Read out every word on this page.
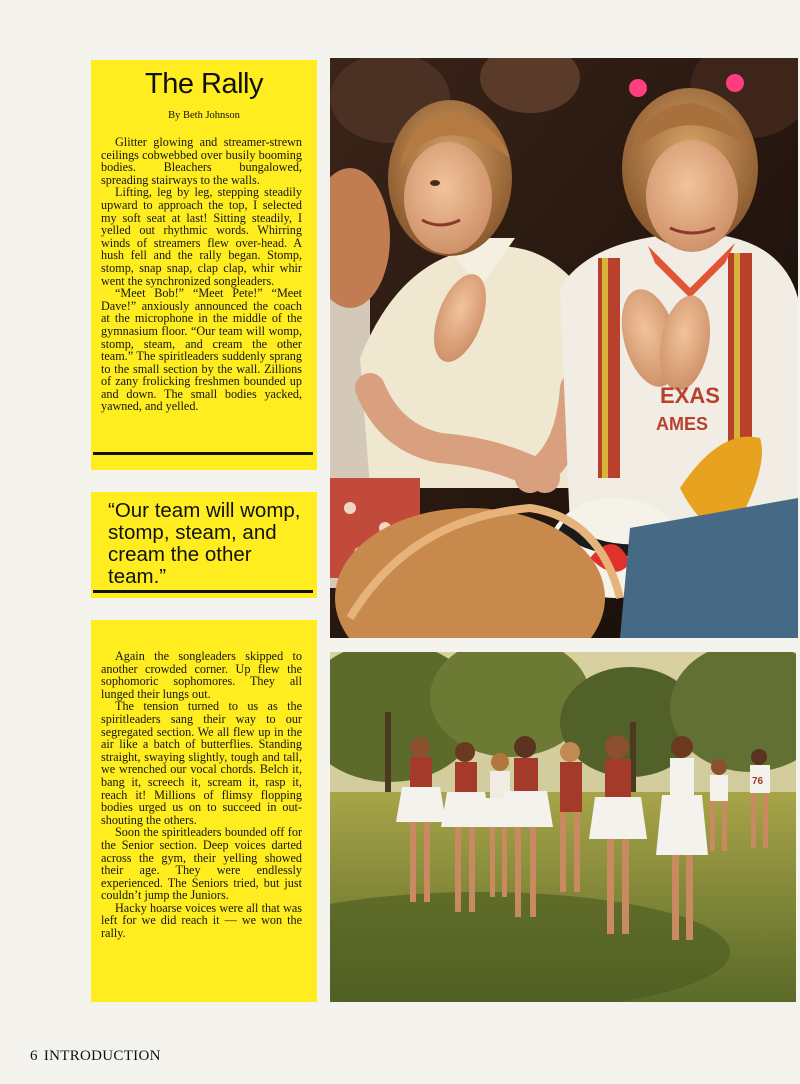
The Rally
By Beth Johnson

Glitter glowing and streamer-strewn ceilings cobwebbed over busily booming bodies. Bleachers bungalowed, spreading stairways to the walls.

Lifting, leg by leg, stepping steadily upward to approach the top, I selected my soft seat at last! Sitting steadily, I yelled out rhythmic words. Whirring winds of streamers flew over-head. A hush fell and the rally began. Stomp, stomp, snap snap, clap clap, whir whir went the synchronized songleaders.

“Meet Bob!” “Meet Pete!” “Meet Dave!” anxiously announced the coach at the microphone in the middle of the gymnasium floor. “Our team will womp, stomp, steam, and cream the other team.” The spiritleaders suddenly sprang to the small section by the wall. Zillions of zany frolicking freshmen bounded up and down. The small bodies yacked, yawned, and yelled.

“Our team will womp, stomp, steam, and cream the other team.”

Again the songleaders skipped to another crowded corner. Up flew the sophomoric sophomores. They all lunged their lungs out.

The tension turned to us as the spiritleaders sang their way to our segregated section. We all flew up in the air like a batch of butterflies. Standing straight, swaying slightly, tough and tall, we wrenched our vocal chords. Belch it, bang it, screech it, scream it, rasp it, reach it! Millions of flimsy flopping bodies urged us on to succeed in out-shouting the others.

Soon the spiritleaders bounded off for the Senior section. Deep voices darted across the gym, their yelling showed their age. They were endlessly experienced. The Seniors tried, but just couldn’t jump the Juniors.

Hacky hoarse voices were all that was left for we did reach it — we won the rally.

EXAS
AMES
76
6 INTRODUCTION
